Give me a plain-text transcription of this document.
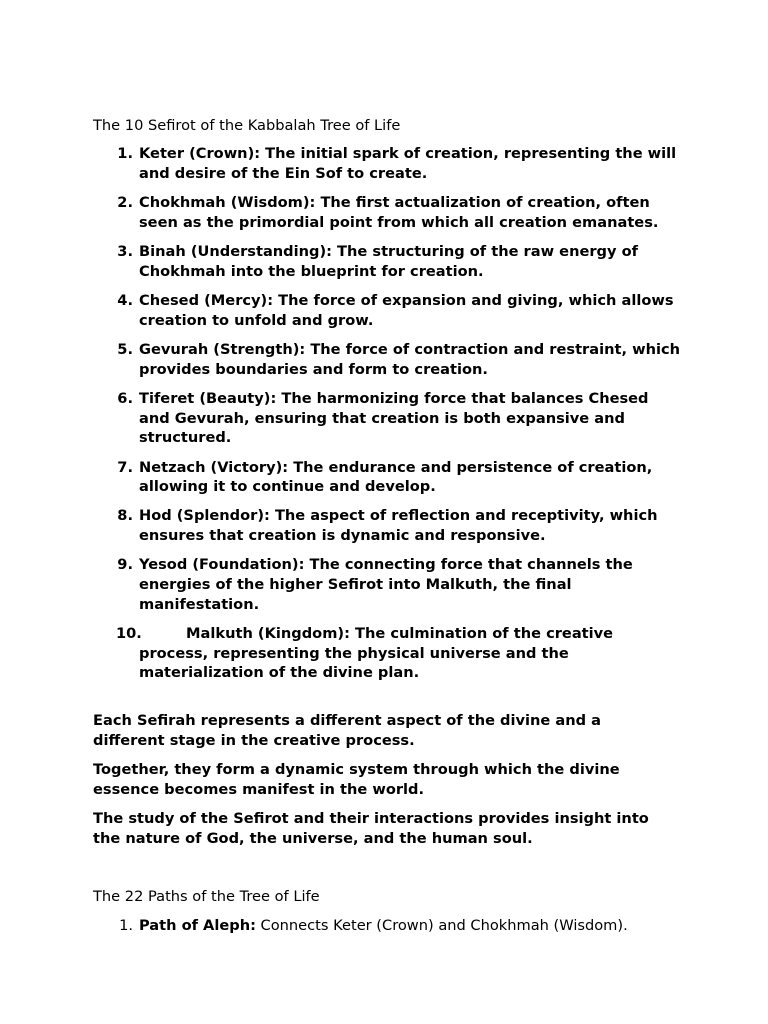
The 10 Sefirot of the Kabbalah Tree of Life
1. Keter (Crown): The initial spark of creation, representing the will and desire of the Ein Sof to create.
2. Chokhmah (Wisdom): The first actualization of creation, often seen as the primordial point from which all creation emanates.
3. Binah (Understanding): The structuring of the raw energy of Chokhmah into the blueprint for creation.
4. Chesed (Mercy): The force of expansion and giving, which allows creation to unfold and grow.
5. Gevurah (Strength): The force of contraction and restraint, which provides boundaries and form to creation.
6. Tiferet (Beauty): The harmonizing force that balances Chesed and Gevurah, ensuring that creation is both expansive and structured.
7. Netzach (Victory): The endurance and persistence of creation, allowing it to continue and develop.
8. Hod (Splendor): The aspect of reflection and receptivity, which ensures that creation is dynamic and responsive.
9. Yesod (Foundation): The connecting force that channels the energies of the higher Sefirot into Malkuth, the final manifestation.
10.	Malkuth (Kingdom): The culmination of the creative process, representing the physical universe and the materialization of the divine plan.

Each Sefirah represents a different aspect of the divine and a different stage in the creative process.

Together, they form a dynamic system through which the divine essence becomes manifest in the world.

The study of the Sefirot and their interactions provides insight into the nature of God, the universe, and the human soul.

The 22 Paths of the Tree of Life
1. Path of Aleph: Connects Keter (Crown) and Chokhmah (Wisdom).
